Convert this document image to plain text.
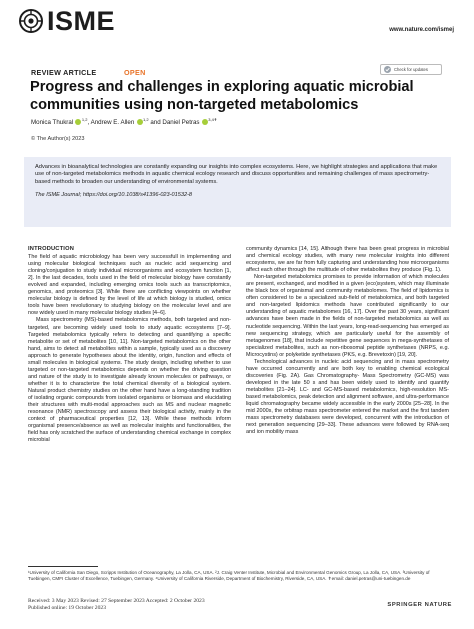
ISME	www.nature.com/ismej
REVIEW ARTICLE	OPEN	Check for updates
Progress and challenges in exploring aquatic microbial communities using non-targeted metabolomics
Monica Thukral $^{1,2}$, Andrew E. Allen $^{1,2}$ and Daniel Petras $^{3,4✝}$
© The Author(s) 2023

Advances in bioanalytical technologies are constantly expanding our insights into complex ecosystems. Here, we highlight strategies and applications that make use of non-targeted metabolomics methods in aquatic chemical ecology research and discuss opportunities and remaining challenges of mass spectrometry-based methods to broaden our understanding of environmental systems.

The ISME Journal; https://doi.org/10.1038/s41396-023-01532-8

INTRODUCTION

The field of aquatic microbiology has been very successfull in implementing and using molecular biological techniques such as nucleic acid sequencing and cloning/conjugation to study individual microorganisms and ecosystem function [1, 2]. In the last decades, tools used in the field of molecular biology have constantly evolved and expanded, including emerging omics tools such as transcriptomics, genomics, and proteomics [3]. While there are conflicting viewpoints on whether molecular biology is defined by the level of life at which biology is studied, omics tools have been revolutionary to studying biology on the molecular level and are now widely used in many molecular biology studies [4–6].

Mass spectrometry (MS)-based metabolomics methods, both targeted and non-targeted, are becoming widely used tools to study aquatic ecosystems [7–9]. Targeted metabolomics typically refers to detecting and quantifying a specific metabolite or set of metabolites [10, 11]. Non-targeted metabolomics on the other hand, aims to detect all metabolites within a sample, typically used as a discovery approach to generate hypotheses about the identity, origin, function and effects of small molecules in biological systems. The study design, including whether to use targeted or non-targeted metabolomics depends on whether the driving question and nature of the study is to investigate already known molecules or pathways, or whether it is to characterize the total chemical diversity of a biological system. Natural product chemistry studies on the other hand have a long-standing tradition of isolating organic compounds from isolated organisms or biomass and elucidating their structures with multi-modal approaches such as MS and nuclear magnetic resonance (NMR) spectroscopy and assess their biological activity, mainly in the context of pharmaceutical properties [12, 13]. While these methods inform organismal presence/absence as well as molecular insights and functionalities, the field has only scratched the surface of understanding chemical exchange in complex microbial

community dynamics [14, 15]. Although there has been great progress in microbial and chemical ecology studies, with many new molecular insights into different ecosystems, we are far from fully capturing and understanding how microorganisms affect each other through the multitude of other metabolites they produce (Fig. 1).

Non-targeted metabolomics promises to provide information of which molecules are present, exchanged, and modified in a given (eco)system, which may illuminate the black box of organismal and community metabolomes. The field of lipidomics is often considered to be a specialized sub-field of metabolomics, and both targeted and non-targeted lipidomics methods have contributed significantly to our understanding of aquatic metabolomes [16, 17]. Over the past 30 years, significant advances have been made in the fields of non-targeted metabolomics as well as nucleotide sequencing. Within the last years, long-read-sequencing has emerged as new sequencing strategy, which are particularly useful for the assembly of metagenomes [18], that include repetitive gene sequences in mega-synthetases of specialized metabolites, such as non-ribosomal peptide synthetases (NRPS, e.g. Microcystins) or polyketide synthetases (PKS, e.g. Brevetoxin) [19, 20].

Technological advances in nucleic acid sequencing and in mass spectrometry have occurred concurrently and are both key to enabling chemical ecological discoveries (Fig. 2A). Gas Chromatography- Mass Spectrometry (GC-MS) was developed in the late 50 s and has been widely used to identify and quantify metabolites [21–24]. LC- and GC-MS-based metabolomics, high-resolution MS-based metabolomics, peak detection and alignment software, and ultra-performance liquid chromatography became widely accessible in the early 2000s [25–28]. In the mid 2000s, the orbitrap mass spectrometer entered the market and the first tandem mass spectrometry databases were developed, concurrent with the introduction of next generation sequencing [29–33]. These advances were followed by RNA-seq and ion mobility mass

¹University of California San Diego, Scripps Institution of Oceanography, La Jolla, CA, USA. ²J. Craig Venter Institute, Microbial and Environmental Genomics Group, La Jolla, CA, USA. ³University of Tuebingen, CMFI Cluster of Excellence, Tuebingen, Germany. ⁴University of California Riverside, Department of Biochemistry, Riverside, CA, USA. ✝email: daniel.petras@uni-tuebingen.de
Received: 3 May 2023 Revised: 27 September 2023 Accepted: 2 October 2023
Published online: 19 October 2023
SPRINGER NATURE
